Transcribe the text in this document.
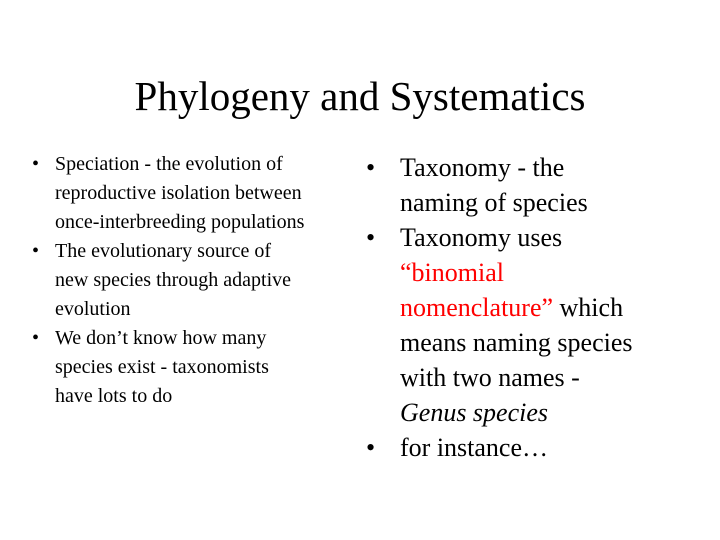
Phylogeny and Systematics
• Speciation - the evolution of
reproductive isolation between
once-interbreeding populations
• The evolutionary source of
new species through adaptive
evolution
• We don’t know how many
species exist - taxonomists
have lots to do
• Taxonomy - the
naming of species
• Taxonomy uses
“binomial
nomenclature” which
means naming species
with two names -
Genus species
• for instance…
